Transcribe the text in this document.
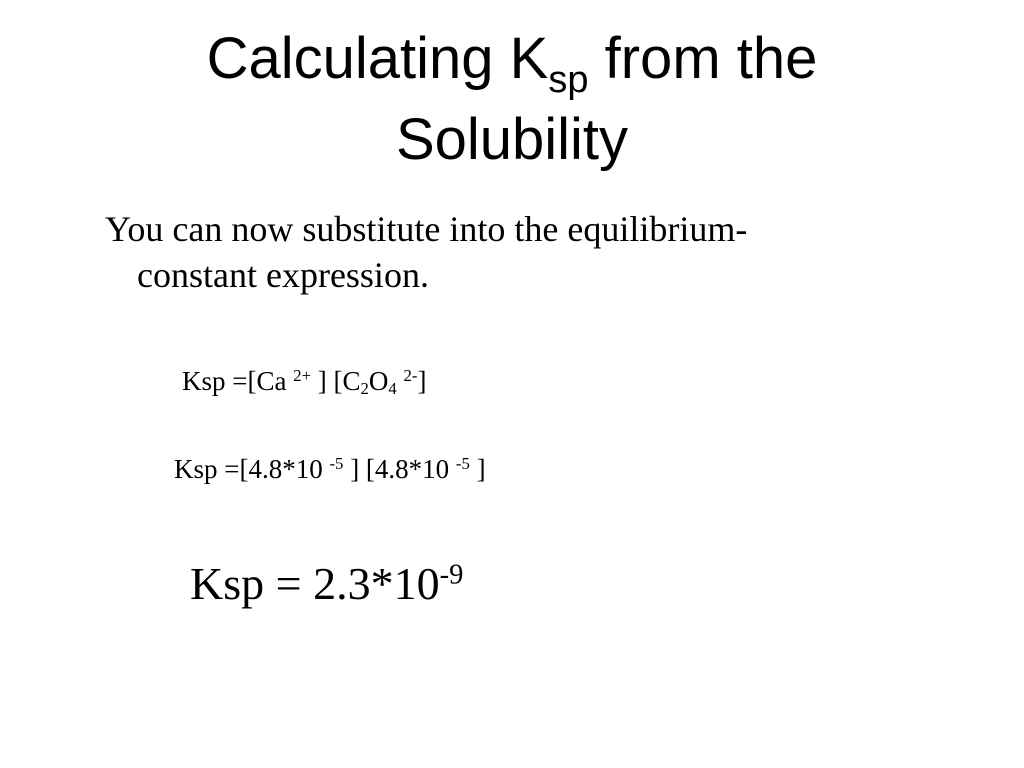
Calculating $K_{sp}$ from the
Solubility
You can now substitute into the equilibrium-
constant expression.
Ksp =[Ca $^{2+}$ ] [$C_2O_4$ $^{2-}$]
Ksp =[4.8*10 $^{-5}$ ] [4.8*10 $^{-5}$ ]
Ksp = $2.3*10^{-9}$
